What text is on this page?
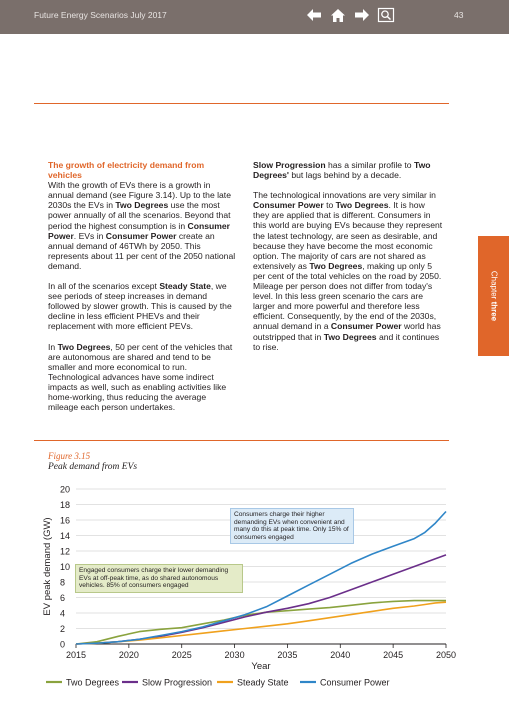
Future Energy Scenarios July 2017	43

The growth of electricity demand from vehicles
With the growth of EVs there is a growth in annual demand (see Figure 3.14). Up to the late 2030s the EVs in Two Degrees use the most power annually of all the scenarios. Beyond that period the highest consumption is in Consumer Power. EVs in Consumer Power create an annual demand of 46TWh by 2050. This represents about 11 per cent of the 2050 national demand.

In all of the scenarios except Steady State, we see periods of steep increases in demand followed by slower growth. This is caused by the decline in less efficient PHEVs and their replacement with more efficient PEVs.

In Two Degrees, 50 per cent of the vehicles that are autonomous are shared and tend to be smaller and more economical to run. Technological advances have some indirect impacts as well, such as enabling activities like home-working, thus reducing the average mileage each person undertakes.

Slow Progression has a similar profile to Two Degrees' but lags behind by a decade.

The technological innovations are very similar in Consumer Power to Two Degrees. It is how they are applied that is different. Consumers in this world are buying EVs because they represent the latest technology, are seen as desirable, and because they have become the most economic option. The majority of cars are not shared as extensively as Two Degrees, making up only 5 per cent of the total vehicles on the road by 2050. Mileage per person does not differ from today's level. In this less green scenario the cars are larger and more powerful and therefore less efficient. Consequently, by the end of the 2030s, annual demand in a Consumer Power world has outstripped that in Two Degrees and it continues to rise.

Chapter three
Figure 3.15
Peak demand from EVs
0
2
4
6
8
10
12
14
16
18
20
2015	2020	2025	2030	2035	2040	2045	2050
Year
EV peak demand (GW)
Two Degrees	Slow Progression	Steady State	Consumer Power
Consumers charge their higher demanding EVs when convenient and many do this at peak time. Only 15% of consumers engaged
Engaged consumers charge their lower demanding EVs at off-peak time, as do shared autonomous vehicles. 85% of consumers engaged
